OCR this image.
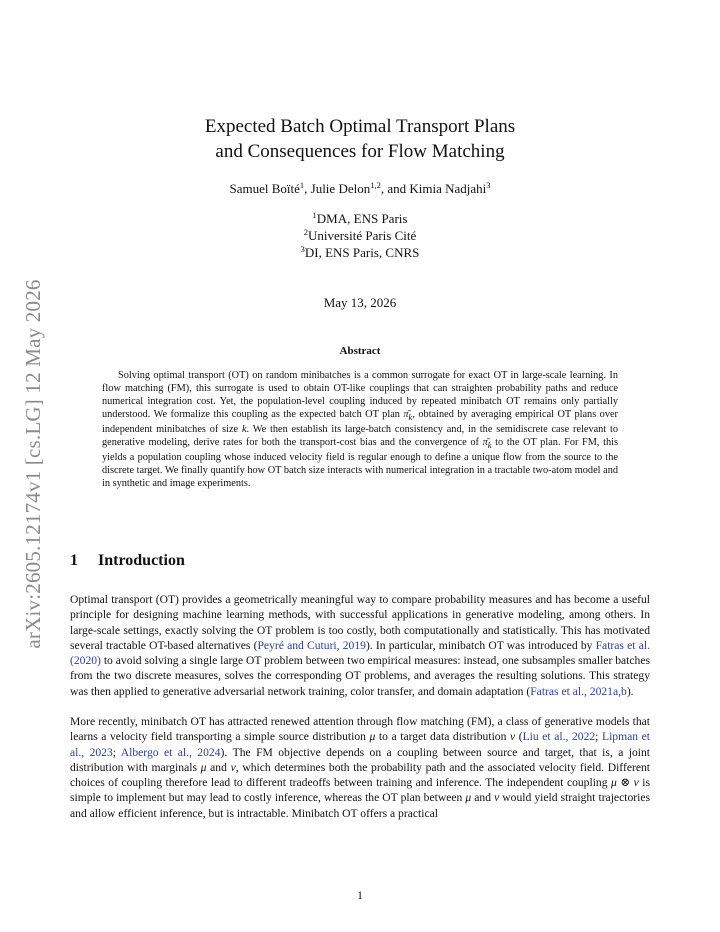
arXiv:2605.12174v1 [cs.LG] 12 May 2026
Expected Batch Optimal Transport Plans
and Consequences for Flow Matching
Samuel Boïté$^1$, Julie Delon$^{1,2}$, and Kimia Nadjahi$^3$
$^1$DMA, ENS Paris
$^2$Université Paris Cité
$^3$DI, ENS Paris, CNRS
May 13, 2026
Abstract
Solving optimal transport (OT) on random minibatches is a common surrogate for exact OT in large-scale learning. In flow matching (FM), this surrogate is used to obtain OT-like couplings that can straighten probability paths and reduce numerical integration cost. Yet, the population-level coupling induced by repeated minibatch OT remains only partially understood. We formalize this coupling as the expected batch OT plan $\pī_k$, obtained by averaging empirical OT plans over independent minibatches of size k. We then establish its large-batch consistency and, in the semidiscrete case relevant to generative modeling, derive rates for both the transport-cost bias and the convergence of $\pī_k$ to the OT plan. For FM, this yields a population coupling whose induced velocity field is regular enough to define a unique flow from the source to the discrete target. We finally quantify how OT batch size interacts with numerical integration in a tractable two-atom model and in synthetic and image experiments.
1 Introduction
Optimal transport (OT) provides a geometrically meaningful way to compare probability measures and has become a useful principle for designing machine learning methods, with successful applications in generative modeling, among others. In large-scale settings, exactly solving the OT problem is too costly, both computationally and statistically. This has motivated several tractable OT-based alternatives (Peyré and Cuturi, 2019). In particular, minibatch OT was introduced by Fatras et al. (2020) to avoid solving a single large OT problem between two empirical measures: instead, one subsamples smaller batches from the two discrete measures, solves the corresponding OT problems, and averages the resulting solutions. This strategy was then applied to generative adversarial network training, color transfer, and domain adaptation (Fatras et al., 2021a,b).
More recently, minibatch OT has attracted renewed attention through flow matching (FM), a class of generative models that learns a velocity field transporting a simple source distribution μ to a target data distribution ν (Liu et al., 2022; Lipman et al., 2023; Albergo et al., 2024). The FM objective depends on a coupling between source and target, that is, a joint distribution with marginals μ and ν, which determines both the probability path and the associated velocity field. Different choices of coupling therefore lead to different tradeoffs between training and inference. The independent coupling μ ⊗ ν is simple to implement but may lead to costly inference, whereas the OT plan between μ and ν would yield straight trajectories and allow efficient inference, but is intractable. Minibatch OT offers a practical
1
